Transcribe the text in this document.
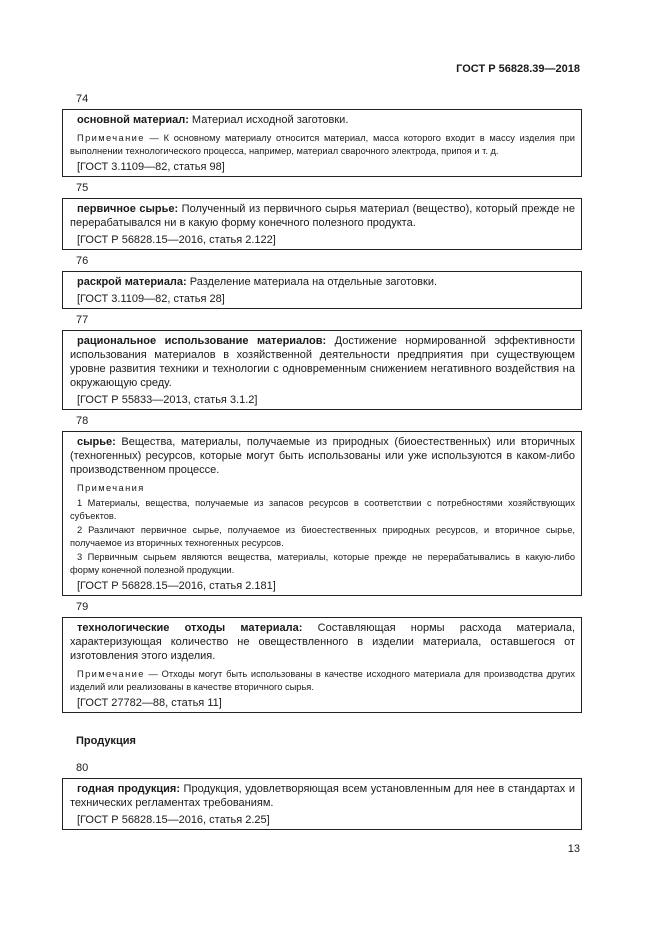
ГОСТ Р 56828.39—2018
74

основной материал: Материал исходной заготовки.

Примечание — К основному материалу относится материал, масса которого входит в массу изделия при выполнении технологического процесса, например, материал сварочного электрода, припоя и т. д.

[ГОСТ 3.1109—82, статья 98]

75

первичное сырье: Полученный из первичного сырья материал (вещество), который прежде не перерабатывался ни в какую форму конечного полезного продукта.

[ГОСТ Р 56828.15—2016, статья 2.122]

76

раскрой материала: Разделение материала на отдельные заготовки.

[ГОСТ 3.1109—82, статья 28]

77

рациональное использование материалов: Достижение нормированной эффективности использования материалов в хозяйственной деятельности предприятия при существующем уровне развития техники и технологии с одновременным снижением негативного воздействия на окружающую среду.

[ГОСТ Р 55833—2013, статья 3.1.2]

78

сырье: Вещества, материалы, получаемые из природных (биоестественных) или вторичных (техногенных) ресурсов, которые могут быть использованы или уже используются в каком-либо производственном процессе.

Примечания

1 Материалы, вещества, получаемые из запасов ресурсов в соответствии с потребностями хозяйствующих субъектов.

2 Различают первичное сырье, получаемое из биоестественных природных ресурсов, и вторичное сырье, получаемое из вторичных техногенных ресурсов.

3 Первичным сырьем являются вещества, материалы, которые прежде не перерабатывались в какую-либо форму конечной полезной продукции.

[ГОСТ Р 56828.15—2016, статья 2.181]

79

технологические отходы материала: Составляющая нормы расхода материала, характеризующая количество не овеществленного в изделии материала, оставшегося от изготовления этого изделия.

Примечание — Отходы могут быть использованы в качестве исходного материала для производства других изделий или реализованы в качестве вторичного сырья.

[ГОСТ 27782—88, статья 11]

Продукция
80

годная продукция: Продукция, удовлетворяющая всем установленным для нее в стандартах и технических регламентах требованиям.

[ГОСТ Р 56828.15—2016, статья 2.25]

13
